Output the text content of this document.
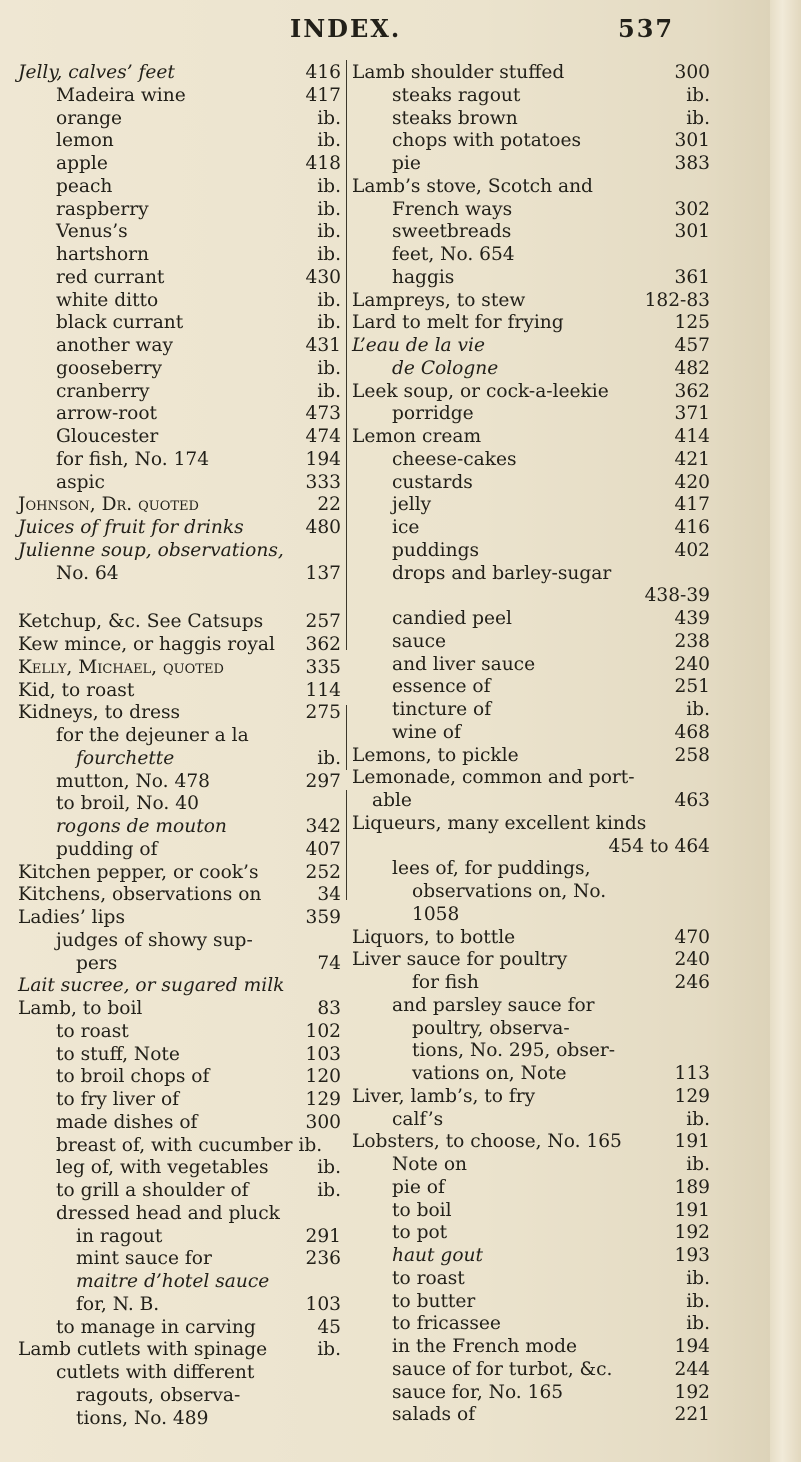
INDEX.	537
Jelly, calves’ feet	416
Madeira wine	417
orange	ib.
lemon	ib.
apple	418
peach	ib.
raspberry	ib.
Venus’s	ib.
hartshorn	ib.
red currant	430
white ditto	ib.
black currant	ib.
another way	431
gooseberry	ib.
cranberry	ib.
arrow-root	473
Gloucester	474
for fish, No. 174	194
aspic	333
Johnson, Dr. quoted	22
Juices of fruit for drinks	480
Julienne soup, observations,
No. 64	137
Ketchup, &c. See Catsups 257
Kew mince, or haggis royal 362
Kelly, Michael, quoted	335
Kid, to roast	114
Kidneys, to dress	275
for the dejeuner a la
fourchette	ib.
mutton, No. 478	297
to broil, No. 40
rogons de mouton	342
pudding of	407
Kitchen pepper, or cook’s	252
Kitchens, observations on	34
Ladies’ lips	359
judges of showy sup-
pers	74
Lait sucree, or sugared milk
Lamb, to boil	83
to roast	102
to stuff, Note	103
to broil chops of	120
to fry liver of	129
made dishes of	300
breast of, with cucumber ib.
leg of, with vegetables	ib.
to grill a shoulder of	ib.
dressed head and pluck
in ragout	291
mint sauce for	236
maitre d’hotel sauce
for, N. B.	103
to manage in carving	45
Lamb cutlets with spinage	ib.
cutlets with different
ragouts, observa-
tions, No. 489
Lamb shoulder stuffed	300
steaks ragout	ib.
steaks brown	ib.
chops with potatoes	301
pie	383
Lamb’s stove, Scotch and
French ways	302
sweetbreads	301
feet, No. 654
haggis	361
Lampreys, to stew	182-83
Lard to melt for frying	125
L’eau de la vie	457
de Cologne	482
Leek soup, or cock-a-leekie	362
porridge	371
Lemon cream	414
cheese-cakes	421
custards	420
jelly	417
ice	416
puddings	402
drops and barley-sugar
438-39
candied peel	439
sauce	238
and liver sauce	240
essence of	251
tincture of	ib.
wine of	468
Lemons, to pickle	258
Lemonade, common and port-
able	463
Liqueurs, many excellent kinds
454 to 464
lees of, for puddings,
observations on, No.
1058
Liquors, to bottle	470
Liver sauce for poultry	240
for fish	246
and parsley sauce for
poultry, observa-
tions, No. 295, obser-
vations on, Note	113
Liver, lamb’s, to fry	129
calf’s	ib.
Lobsters, to choose, No. 165	191
Note on	ib.
pie of	189
to boil	191
to pot	192
haut gout	193
to roast	ib.
to butter	ib.
to fricassee	ib.
in the French mode	194
sauce of for turbot, &c.	244
sauce for, No. 165	192
salads of	221
